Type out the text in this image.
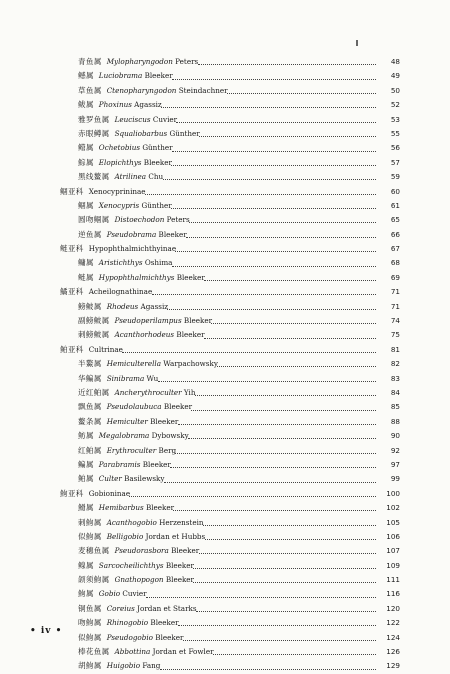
青鱼属 Mylopharyngodon Peters	48
鳡属 Luciobrama Bleeker	49
草鱼属 Ctenopharyngodon Steindachner	50
鲅属 Phoxinus Agassiz	52
雅罗鱼属 Leuciscus Cuvier	53
赤眼鳟属 Squaliobarbus Günther	55
鳤属 Ochetobius Günther	56
鯮属 Elopichthys Bleeker	57
黑线鳌属 Atrilinea Chu	59
鲴亚科 Xenocyprininae	60
鲴属 Xenocypris Günther	61
圆吻鲴属 Distoechodon Peters	65
逆鱼属 Pseudobrama Bleeker	66
鲢亚科 Hypophthalmichthyinae	67
鳙属 Aristichthys Oshima	68
鲢属 Hypophthalmichthys Bleeker	69
鱊亚科 Acheilognathinae	71
鳑鲏属 Rhodeus Agassiz	71
副鳑鲏属 Pseudoperilampus Bleeker	74
刺鳑鲏属 Acanthorhodeus Bleeker	75
鲌亚科 Cultrinae	81
半鰲属 Hemiculterella Warpachowsky	82
华鳊属 Sinibrama Wu	83
近红鲌属 Ancherythroculter Yih	84
飘鱼属 Pseudolaubuca Bleeker	85
鳌条属 Hemiculter Bleeker	88
鲂属 Megalobrama Dybowsky	90
红鲌属 Erythroculter Berg	92
鳊属 Parabramis Bleeker	97
鲌属 Culter Basilewsky	99
鮈亚科 Gobioninae	100
䱻属 Hemibarbus Bleeker	102
刺鮈属 Acanthogobio Herzenstein	105
似鮈属 Belligobio Jordan et Hubbs	106
麦穗鱼属 Pseudorasbora Bleeker	107
鳈属 Sarcocheilichthys Bleeker	109
颌须鮈属 Gnathopogon Bleeker	111
鮈属 Gobio Cuvier	116
铜鱼属 Coreius Jordan et Starks	120
吻鮈属 Rhinogobio Bleeker	122
似鮈属 Pseudogobio Bleeker	124
棒花鱼属 Abbottina Jordan et Fowler	126
胡鮈属 Huigobio Fang	129
• iv •
